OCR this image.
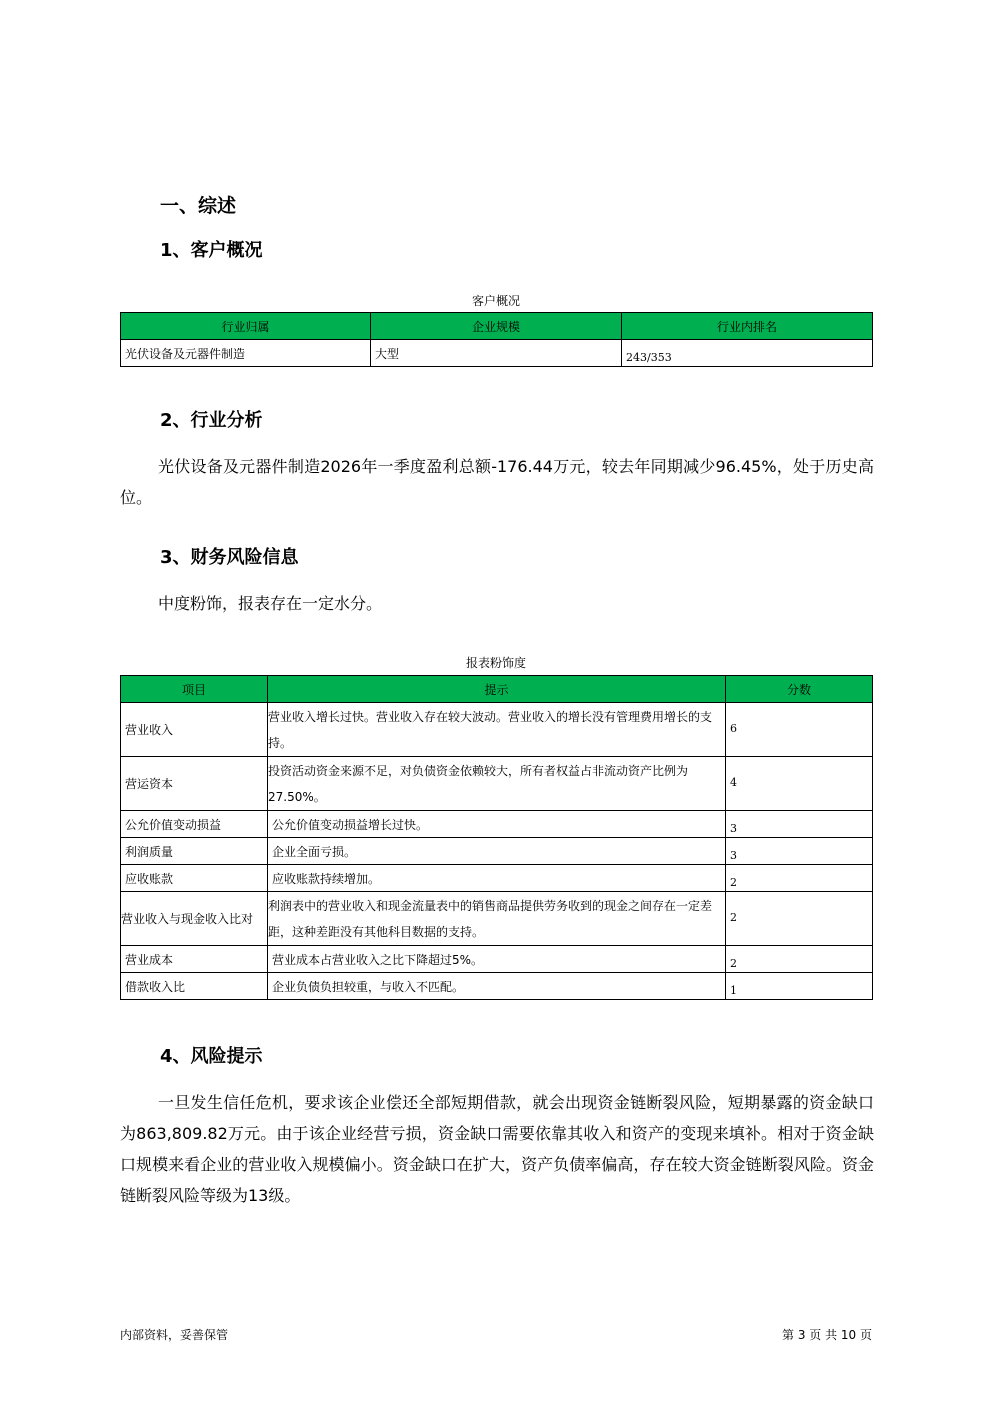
一、综述
1、客户概况
客户概况
行业归属	企业规模	行业内排名
光伏设备及元器件制造	大型	243/353
2、行业分析
光伏设备及元器件制造2026年一季度盈利总额-176.44万元，较去年同期减少96.45%，处于历史高位。
3、财务风险信息
中度粉饰，报表存在一定水分。
报表粉饰度
项目	提示	分数
营业收入	营业收入增长过快。营业收入存在较大波动。营业收入的增长没有管理费用增长的支持。	6
营运资本	投资活动资金来源不足，对负债资金依赖较大，所有者权益占非流动资产比例为27.50%。	4
公允价值变动损益	公允价值变动损益增长过快。	3
利润质量	企业全面亏损。	3
应收账款	应收账款持续增加。	2
营业收入与现金收入比对	利润表中的营业收入和现金流量表中的销售商品提供劳务收到的现金之间存在一定差距，这种差距没有其他科目数据的支持。	2
营业成本	营业成本占营业收入之比下降超过5%。	2
借款收入比	企业负债负担较重，与收入不匹配。	1
4、风险提示
一旦发生信任危机，要求该企业偿还全部短期借款，就会出现资金链断裂风险，短期暴露的资金缺口为863,809.82万元。由于该企业经营亏损，资金缺口需要依靠其收入和资产的变现来填补。相对于资金缺口规模来看企业的营业收入规模偏小。资金缺口在扩大，资产负债率偏高，存在较大资金链断裂风险。资金链断裂风险等级为13级。
内部资料，妥善保管	第 3 页 共 10 页
